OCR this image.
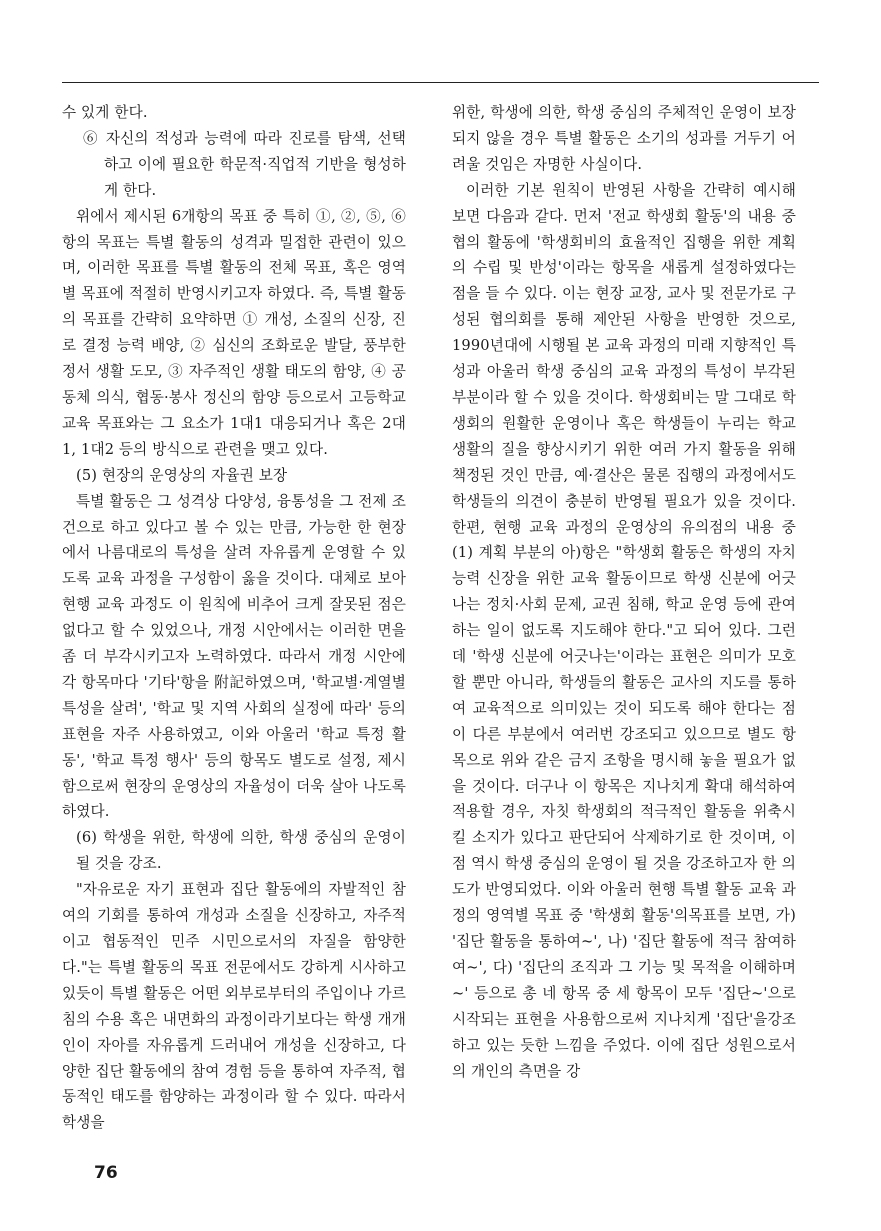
수 있게 한다.

⑥ 자신의 적성과 능력에 따라 진로를 탐색, 선택하고 이에 필요한 학문적·직업적 기반을 형성하게 한다.

위에서 제시된 6개항의 목표 중 특히 ①, ②, ⑤, ⑥항의 목표는 특별 활동의 성격과 밀접한 관련이 있으며, 이러한 목표를 특별 활동의 전체 목표, 혹은 영역별 목표에 적절히 반영시키고자 하였다. 즉, 특별 활동의 목표를 간략히 요약하면 ① 개성, 소질의 신장, 진로 결정 능력 배양, ② 심신의 조화로운 발달, 풍부한 정서 생활 도모, ③ 자주적인 생활 태도의 함양, ④ 공동체 의식, 협동·봉사 정신의 함양 등으로서 고등학교 교육 목표와는 그 요소가 1대1 대응되거나 혹은 2대1, 1대2 등의 방식으로 관련을 맺고 있다.

(5) 현장의 운영상의 자율권 보장

특별 활동은 그 성격상 다양성, 융통성을 그 전제 조건으로 하고 있다고 볼 수 있는 만큼, 가능한 한 현장에서 나름대로의 특성을 살려 자유롭게 운영할 수 있도록 교육 과정을 구성함이 옳을 것이다. 대체로 보아 현행 교육 과정도 이 원칙에 비추어 크게 잘못된 점은 없다고 할 수 있었으나, 개정 시안에서는 이러한 면을 좀 더 부각시키고자 노력하였다. 따라서 개정 시안에 각 항목마다 '기타'항을 附記하였으며, '학교별·계열별 특성을 살려', '학교 및 지역 사회의 실정에 따라' 등의 표현을 자주 사용하였고, 이와 아울러 '학교 특정 활동', '학교 특정 행사' 등의 항목도 별도로 설정, 제시함으로써 현장의 운영상의 자율성이 더욱 살아 나도록 하였다.

(6) 학생을 위한, 학생에 의한, 학생 중심의 운영이 될 것을 강조.

"자유로운 자기 표현과 집단 활동에의 자발적인 참여의 기회를 통하여 개성과 소질을 신장하고, 자주적이고 협동적인 민주 시민으로서의 자질을 함양한다."는 특별 활동의 목표 전문에서도 강하게 시사하고 있듯이 특별 활동은 어떤 외부로부터의 주입이나 가르침의 수용 혹은 내면화의 과정이라기보다는 학생 개개인이 자아를 자유롭게 드러내어 개성을 신장하고, 다양한 집단 활동에의 참여 경험 등을 통하여 자주적, 협동적인 태도를 함양하는 과정이라 할 수 있다. 따라서 학생을

위한, 학생에 의한, 학생 중심의 주체적인 운영이 보장되지 않을 경우 특별 활동은 소기의 성과를 거두기 어려울 것임은 자명한 사실이다.

이러한 기본 원칙이 반영된 사항을 간략히 예시해 보면 다음과 같다. 먼저 '전교 학생회 활동'의 내용 중 협의 활동에 '학생회비의 효율적인 집행을 위한 계획의 수립 및 반성'이라는 항목을 새롭게 설정하였다는 점을 들 수 있다. 이는 현장 교장, 교사 및 전문가로 구성된 협의회를 통해 제안된 사항을 반영한 것으로, 1990년대에 시행될 본 교육 과정의 미래 지향적인 특성과 아울러 학생 중심의 교육 과정의 특성이 부각된 부분이라 할 수 있을 것이다. 학생회비는 말 그대로 학생회의 원활한 운영이나 혹은 학생들이 누리는 학교 생활의 질을 향상시키기 위한 여러 가지 활동을 위해 책정된 것인 만큼, 예·결산은 물론 집행의 과정에서도 학생들의 의견이 충분히 반영될 필요가 있을 것이다. 한편, 현행 교육 과정의 운영상의 유의점의 내용 중 (1) 계획 부분의 아)항은 "학생회 활동은 학생의 자치 능력 신장을 위한 교육 활동이므로 학생 신분에 어긋나는 정치·사회 문제, 교권 침해, 학교 운영 등에 관여하는 일이 없도록 지도해야 한다."고 되어 있다. 그런데 '학생 신분에 어긋나는'이라는 표현은 의미가 모호할 뿐만 아니라, 학생들의 활동은 교사의 지도를 통하여 교육적으로 의미있는 것이 되도록 해야 한다는 점이 다른 부분에서 여러번 강조되고 있으므로 별도 항목으로 위와 같은 금지 조항을 명시해 놓을 필요가 없을 것이다. 더구나 이 항목은 지나치게 확대 해석하여 적용할 경우, 자칫 학생회의 적극적인 활동을 위축시킬 소지가 있다고 판단되어 삭제하기로 한 것이며, 이 점 역시 학생 중심의 운영이 될 것을 강조하고자 한 의도가 반영되었다. 이와 아울러 현행 특별 활동 교육 과정의 영역별 목표 중 '학생회 활동'의목표를 보면, 가) '집단 활동을 통하여~', 나) '집단 활동에 적극 참여하여~', 다) '집단의 조직과 그 기능 및 목적을 이해하며~' 등으로 총 네 항목 중 세 항목이 모두 '집단~'으로 시작되는 표현을 사용함으로써 지나치게 '집단'을강조하고 있는 듯한 느낌을 주었다. 이에 집단 성원으로서의 개인의 측면을 강

76
